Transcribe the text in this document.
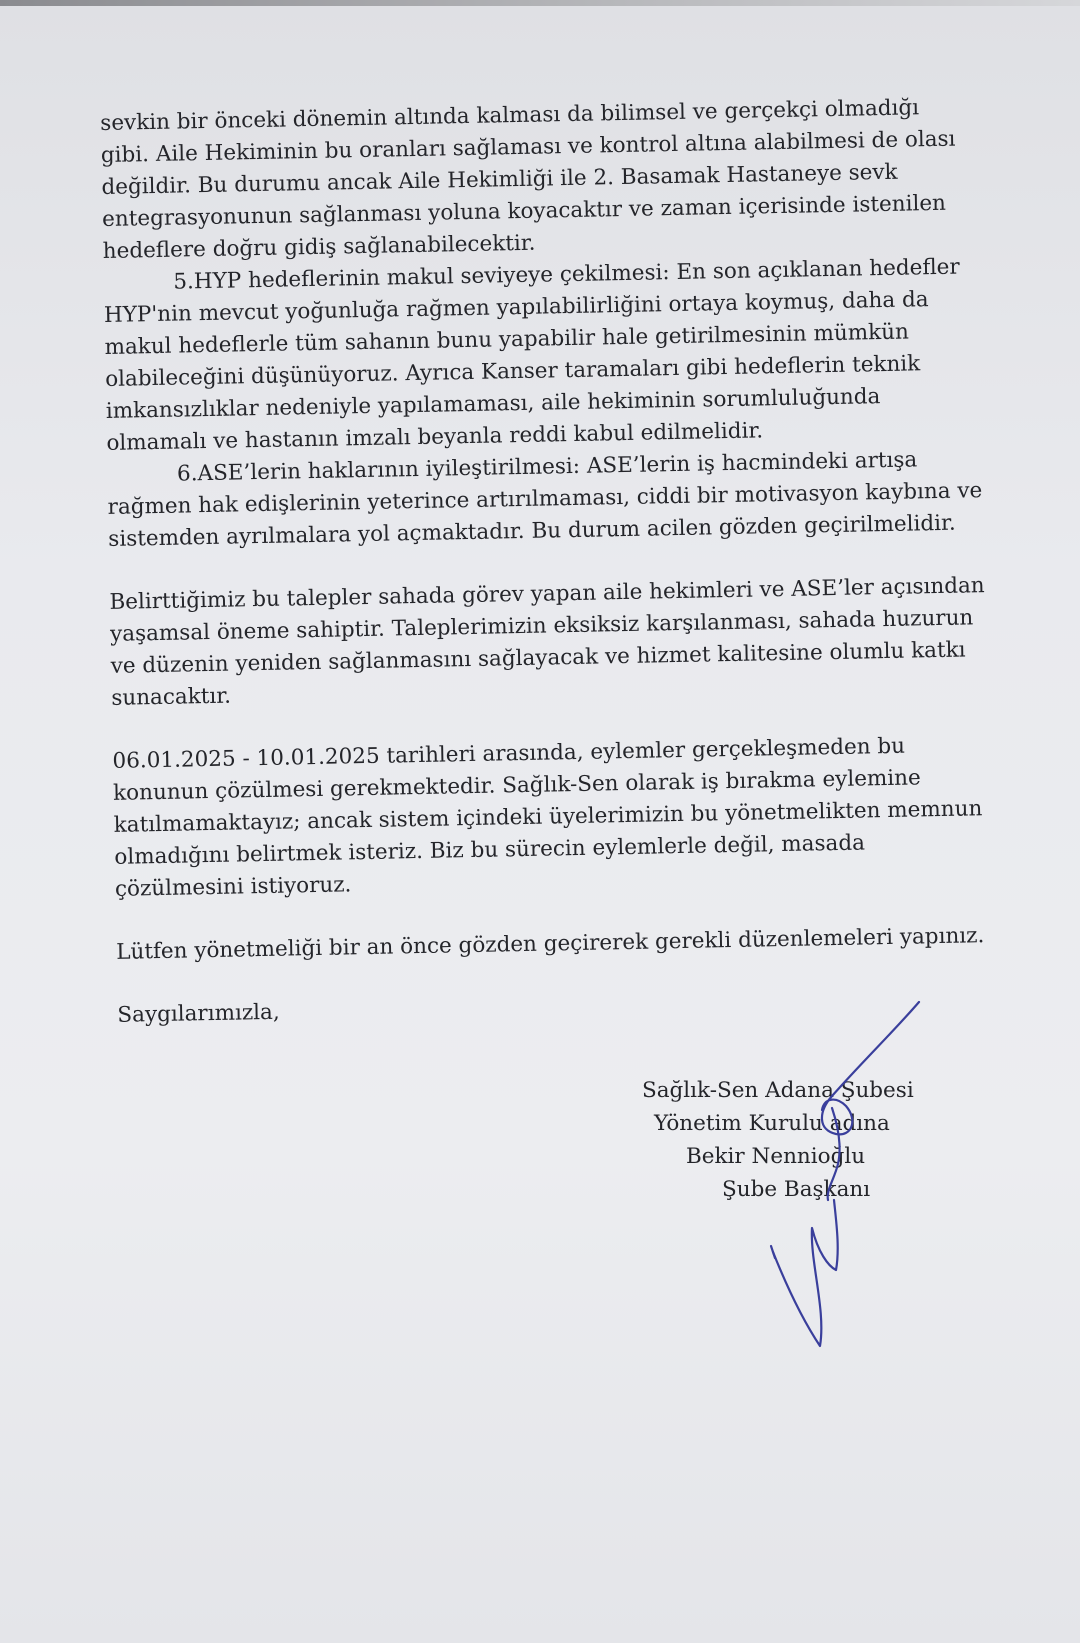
sevkin bir önceki dönemin altında kalması da bilimsel ve gerçekçi olmadığı
gibi. Aile Hekiminin bu oranları sağlaması ve kontrol altına alabilmesi de olası
değildir. Bu durumu ancak Aile Hekimliği ile 2. Basamak Hastaneye sevk
entegrasyonunun sağlanması yoluna koyacaktır ve zaman içerisinde istenilen
hedeflere doğru gidiş sağlanabilecektir.
5.HYP hedeflerinin makul seviyeye çekilmesi: En son açıklanan hedefler
HYP'nin mevcut yoğunluğa rağmen yapılabilirliğini ortaya koymuş, daha da
makul hedeflerle tüm sahanın bunu yapabilir hale getirilmesinin mümkün
olabileceğini düşünüyoruz. Ayrıca Kanser taramaları gibi hedeflerin teknik
imkansızlıklar nedeniyle yapılamaması, aile hekiminin sorumluluğunda
olmamalı ve hastanın imzalı beyanla reddi kabul edilmelidir.
6.ASE’lerin haklarının iyileştirilmesi: ASE’lerin iş hacmindeki artışa
rağmen hak edişlerinin yeterince artırılmaması, ciddi bir motivasyon kaybına ve
sistemden ayrılmalara yol açmaktadır. Bu durum acilen gözden geçirilmelidir.
Belirttiğimiz bu talepler sahada görev yapan aile hekimleri ve ASE’ler açısından
yaşamsal öneme sahiptir. Taleplerimizin eksiksiz karşılanması, sahada huzurun
ve düzenin yeniden sağlanmasını sağlayacak ve hizmet kalitesine olumlu katkı
sunacaktır.
06.01.2025 - 10.01.2025 tarihleri arasında, eylemler gerçekleşmeden bu
konunun çözülmesi gerekmektedir. Sağlık-Sen olarak iş bırakma eylemine
katılmamaktayız; ancak sistem içindeki üyelerimizin bu yönetmelikten memnun
olmadığını belirtmek isteriz. Biz bu sürecin eylemlerle değil, masada
çözülmesini istiyoruz.
Lütfen yönetmeliği bir an önce gözden geçirerek gerekli düzenlemeleri yapınız.
Saygılarımızla,
Sağlık-Sen Adana Şubesi
Yönetim Kurulu adına
Bekir Nennioğlu
Şube Başkanı
